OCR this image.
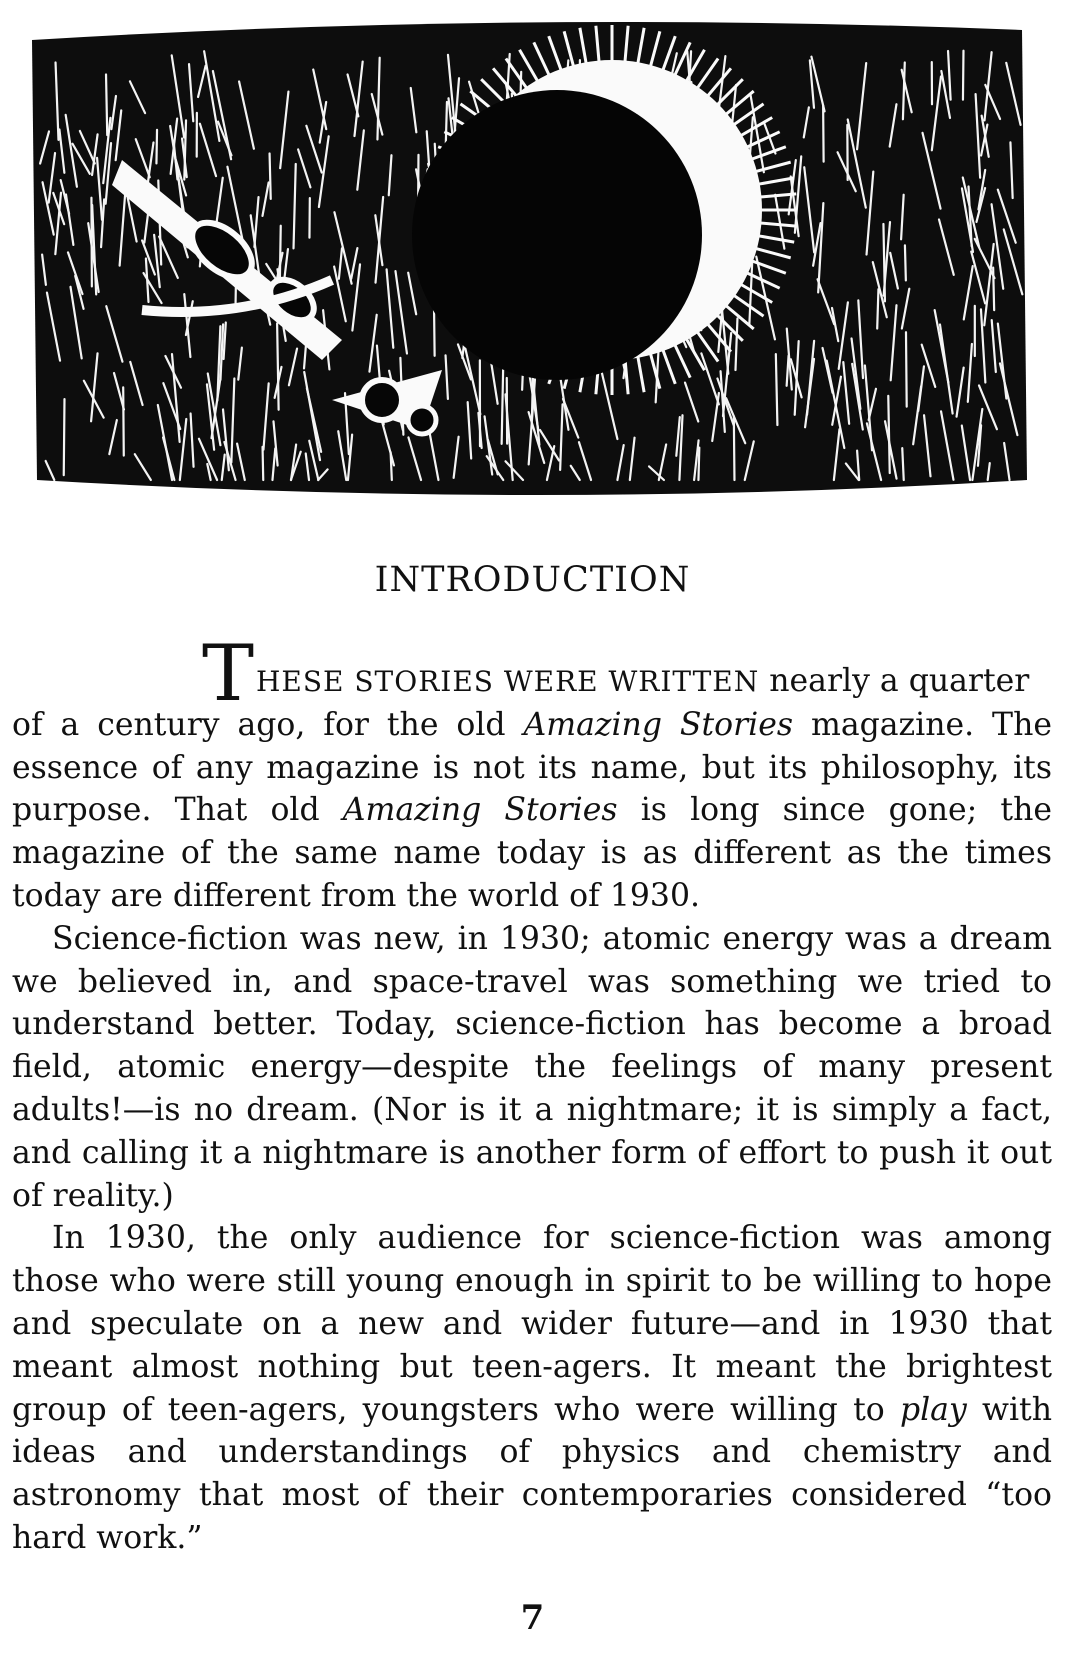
INTRODUCTION

T HESE STORIES WERE WRITTEN nearly a quarter

of a century ago, for the old Amazing Stories magazine. The essence of any magazine is not its name, but its philosophy, its purpose. That old Amazing Stories is long since gone; the magazine of the same name today is as different as the times today are different from the world of 1930.

Science-fiction was new, in 1930; atomic energy was a dream we believed in, and space-travel was something we tried to understand better. Today, science-fiction has become a broad field, atomic energy—despite the feelings of many present adults!—is no dream. (Nor is it a nightmare; it is simply a fact, and calling it a nightmare is another form of effort to push it out of reality.)

In 1930, the only audience for science-fiction was among those who were still young enough in spirit to be willing to hope and speculate on a new and wider future—and in 1930 that meant almost nothing but teen-agers. It meant the brightest group of teen-agers, youngsters who were willing to play with ideas and understandings of physics and chemistry and astronomy that most of their contemporaries considered “too hard work.”

7
